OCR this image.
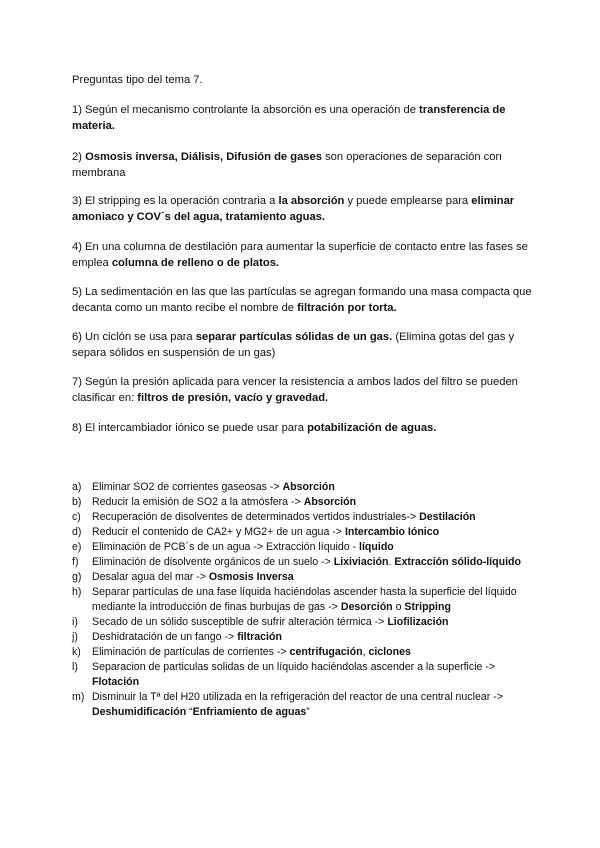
Preguntas tipo del tema 7.
1) Según el mecanismo controlante la absorción es una operación de transferencia de materia.
2) Osmosis inversa, Diálisis, Difusión de gases son operaciones de separación con membrana
3) El stripping es la operación contraria a la absorción y puede emplearse para eliminar amoniaco y COV´s del agua, tratamiento aguas.
4) En una columna de destilación para aumentar la superficie de contacto entre las fases se emplea columna de relleno o de platos.
5) La sedimentación en las que las partículas se agregan formando una masa compacta que decanta como un manto recibe el nombre de filtración por torta.
6) Un ciclón se usa para separar partículas sólidas de un gas. (Elimina gotas del gas y separa sólidos en suspensión de un gas)
7) Según la presión aplicada para vencer la resistencia a ambos lados del filtro se pueden clasificar en: filtros de presión, vacío y gravedad.
8) El intercambiador iónico se puede usar para potabilización de aguas.
a) Eliminar SO2 de corrientes gaseosas -> Absorción
b) Reducir la emisión de SO2 a la atmósfera -> Absorción
c)	Recuperación de disolventes de determinados vertidos industriales-> Destilación
d) Reducir el contenido de CA2+ y MG2+ de un agua -> Intercambio Iónico
e) Eliminación de PCB´s de un agua -> Extracción líquido - líquido
f)	Eliminación de disolvente orgánicos de un suelo -> Lixiviación. Extracción sólido-líquido
g) Desalar agua del mar -> Osmosis Inversa
h) Separar partículas de una fase líquida haciéndolas ascender hasta la superficie del líquido mediante la introducción de finas burbujas de gas -> Desorción o Stripping
i)	Secado de un sólido susceptible de sufrir alteración térmica -> Liofilización
j)	Deshidratación de un fango -> filtración
k)	Eliminación de partículas de corrientes -> centrifugación, ciclones
l)	Separacion de particulas solidas de un líquido haciéndolas ascender a la superficie -> Flotación
m) Disminuir la Tª del H20 utilizada en la refrigeración del reactor de una central nuclear -> Deshumidificación “Enfriamiento de aguas”
